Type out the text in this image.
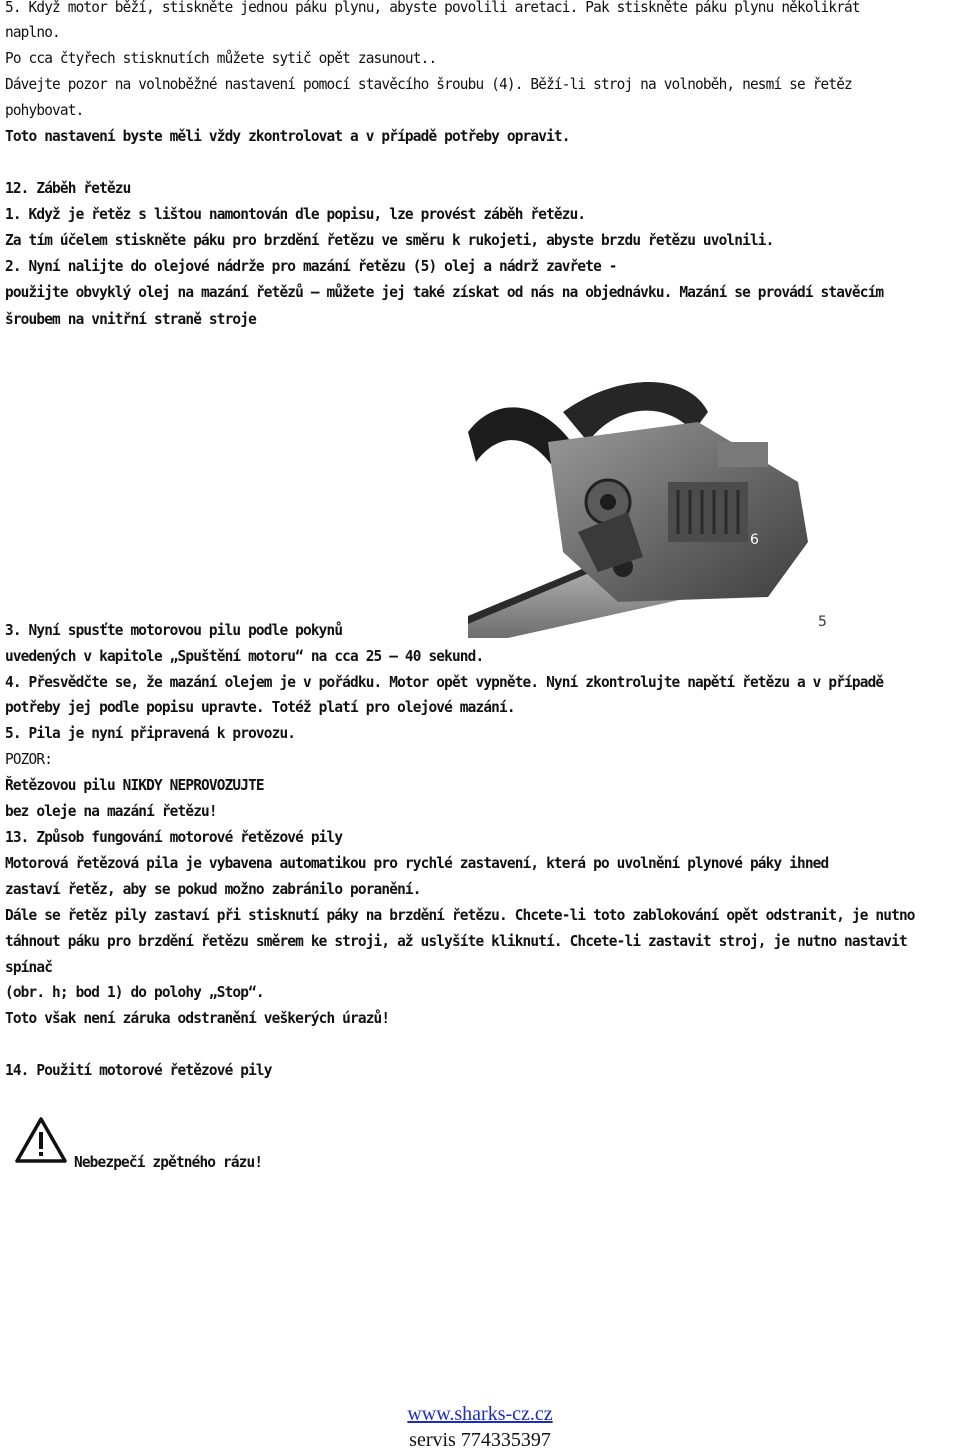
5. Když motor běží, stiskněte jednou páku plynu, abyste povolili aretaci. Pak stiskněte páku plynu několikrát
naplno.
Po cca čtyřech stisknutích můžete sytič opět zasunout..
Dávejte pozor na volnoběžné nastavení pomocí stavěcího šroubu (4). Běží-li stroj na volnoběh, nesmí se řetěz
pohybovat.
Toto nastavení byste měli vždy zkontrolovat a v případě potřeby opravit.
12. Záběh řetězu
1. Když je řetěz s lištou namontován dle popisu, lze provést záběh řetězu.
Za tím účelem stiskněte páku pro brzdění řetězu ve směru k rukojeti, abyste brzdu řetězu uvolnili.
2. Nyní nalijte do olejové nádrže pro mazání řetězu (5) olej a nádrž zavřete -
použijte obvyklý olej na mazání řetězů – můžete jej také získat od nás na objednávku. Mazání se provádí stavěcím
šroubem na vnitřní straně stroje
6
5
3. Nyní spusťte motorovou pilu podle pokynů
uvedených v kapitole „Spuštění motoru“ na cca 25 – 40 sekund.
4. Přesvědčte se, že mazání olejem je v pořádku. Motor opět vypněte. Nyní zkontrolujte napětí řetězu a v případě
potřeby jej podle popisu upravte. Totéž platí pro olejové mazání.
5. Pila je nyní připravená k provozu.
POZOR:
Řetězovou pilu NIKDY NEPROVOZUJTE
bez oleje na mazání řetězu!
13. Způsob fungování motorové řetězové pily
Motorová řetězová pila je vybavena automatikou pro rychlé zastavení, která po uvolnění plynové páky ihned
zastaví řetěz, aby se pokud možno zabránilo poranění.
Dále se řetěz pily zastaví při stisknutí páky na brzdění řetězu. Chcete-li toto zablokování opět odstranit, je nutno
táhnout páku pro brzdění řetězu směrem ke stroji, až uslyšíte kliknutí. Chcete-li zastavit stroj, je nutno nastavit
spínač
(obr. h; bod 1) do polohy „Stop“.
Toto však není záruka odstranění veškerých úrazů!
14. Použití motorové řetězové pily
Nebezpečí zpětného rázu!
www.sharks-cz.cz
servis 774335397
